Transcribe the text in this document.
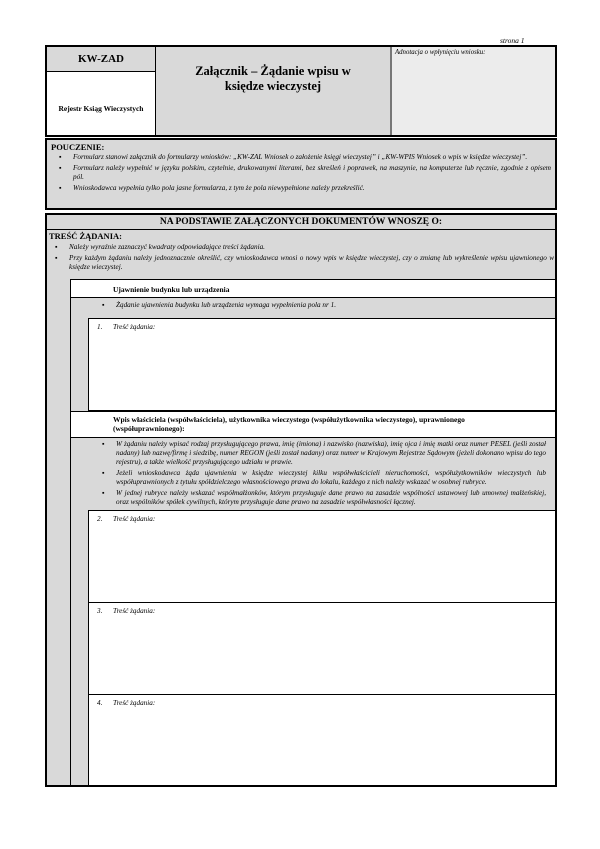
strona 1
KW-ZAD
Rejestr Ksiąg Wieczystych
Załącznik – Żądanie wpisu w księdze wieczystej
Adnotacja o wpłynięciu wniosku:
POUCZENIE:
▪ Formularz stanowi załącznik do formularzy wniosków: „KW-ZAL Wniosek o założenie księgi wieczystej” i „KW-WPIS Wniosek o wpis w księdze wieczystej”.
▪ Formularz należy wypełnić w języku polskim, czytelnie, drukowanymi literami, bez skreśleń i poprawek, na maszynie, na komputerze lub ręcznie, zgodnie z opisem pól.
▪ Wnioskodawca wypełnia tylko pola jasne formularza, z tym że pola niewypełnione należy przekreślić.
NA PODSTAWIE ZAŁĄCZONYCH DOKUMENTÓW WNOSZĘ O:
TREŚĆ ŻĄDANIA:
▪ Należy wyraźnie zaznaczyć kwadraty odpowiadające treści żądania.
▪ Przy każdym żądaniu należy jednoznacznie określić, czy wnioskodawca wnosi o nowy wpis w księdze wieczystej, czy o zmianę lub wykreślenie wpisu ujawnionego w księdze wieczystej.
Ujawnienie budynku lub urządzenia
▪ Żądanie ujawnienia budynku lub urządzenia wymaga wypełnienia pola nr 1.
1. Treść żądania:
Wpis właściciela (współwłaściciela), użytkownika wieczystego (współużytkownika wieczystego), uprawnionego (współuprawnionego):
▪ W żądaniu należy wpisać rodzaj przysługującego prawa, imię (imiona) i nazwisko (nazwiska), imię ojca i imię matki oraz numer PESEL (jeśli został nadany) lub nazwę/firmę i siedzibę, numer REGON (jeśli został nadany) oraz numer w Krajowym Rejestrze Sądowym (jeżeli dokonano wpisu do tego rejestru), a także wielkość przysługującego udziału w prawie.
▪ Jeżeli wnioskodawca żąda ujawnienia w księdze wieczystej kilku współwłaścicieli nieruchomości, współużytkowników wieczystych lub współuprawnionych z tytułu spółdzielczego własnościowego prawa do lokalu, każdego z nich należy wskazać w osobnej rubryce.
▪ W jednej rubryce należy wskazać współmałżonków, którym przysługuje dane prawo na zasadzie wspólności ustawowej lub umownej małżeńskiej, oraz wspólników spółek cywilnych, którym przysługuje dane prawo na zasadzie współwłasności łącznej.
2. Treść żądania:
3. Treść żądania:
4. Treść żądania:
